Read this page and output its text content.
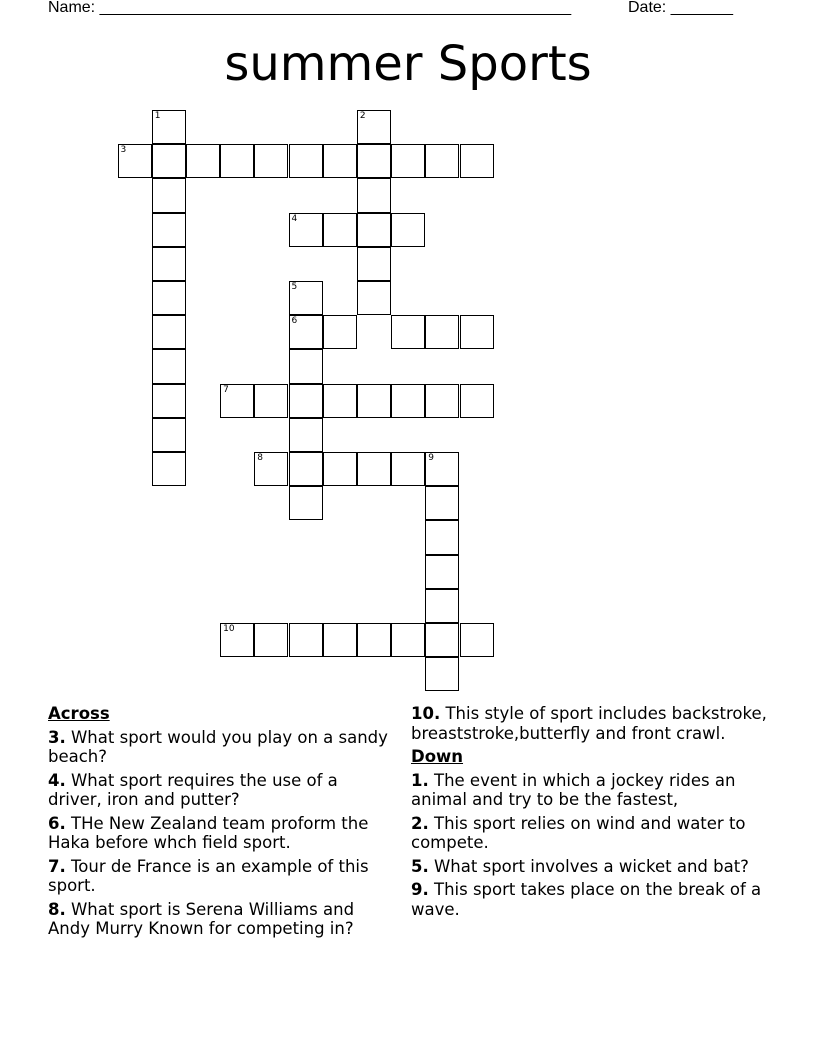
Name: _____________________________________________________	Date: _______
summer Sports
1	2
3
4
5
6
7
8	9
10
Across
3. What sport would you play on a sandy beach?
4. What sport requires the use of a driver, iron and putter?
6. THe New Zealand team proform the Haka before whch field sport.
7. Tour de France is an example of this sport.
8. What sport is Serena Williams and Andy Murry Known for competing in?
10. This style of sport includes backstroke, breaststroke,butterfly and front crawl.
Down
1. The event in which a jockey rides an animal and try to be the fastest,
2. This sport relies on wind and water to compete.
5. What sport involves a wicket and bat?
9. This sport takes place on the break of a wave.
